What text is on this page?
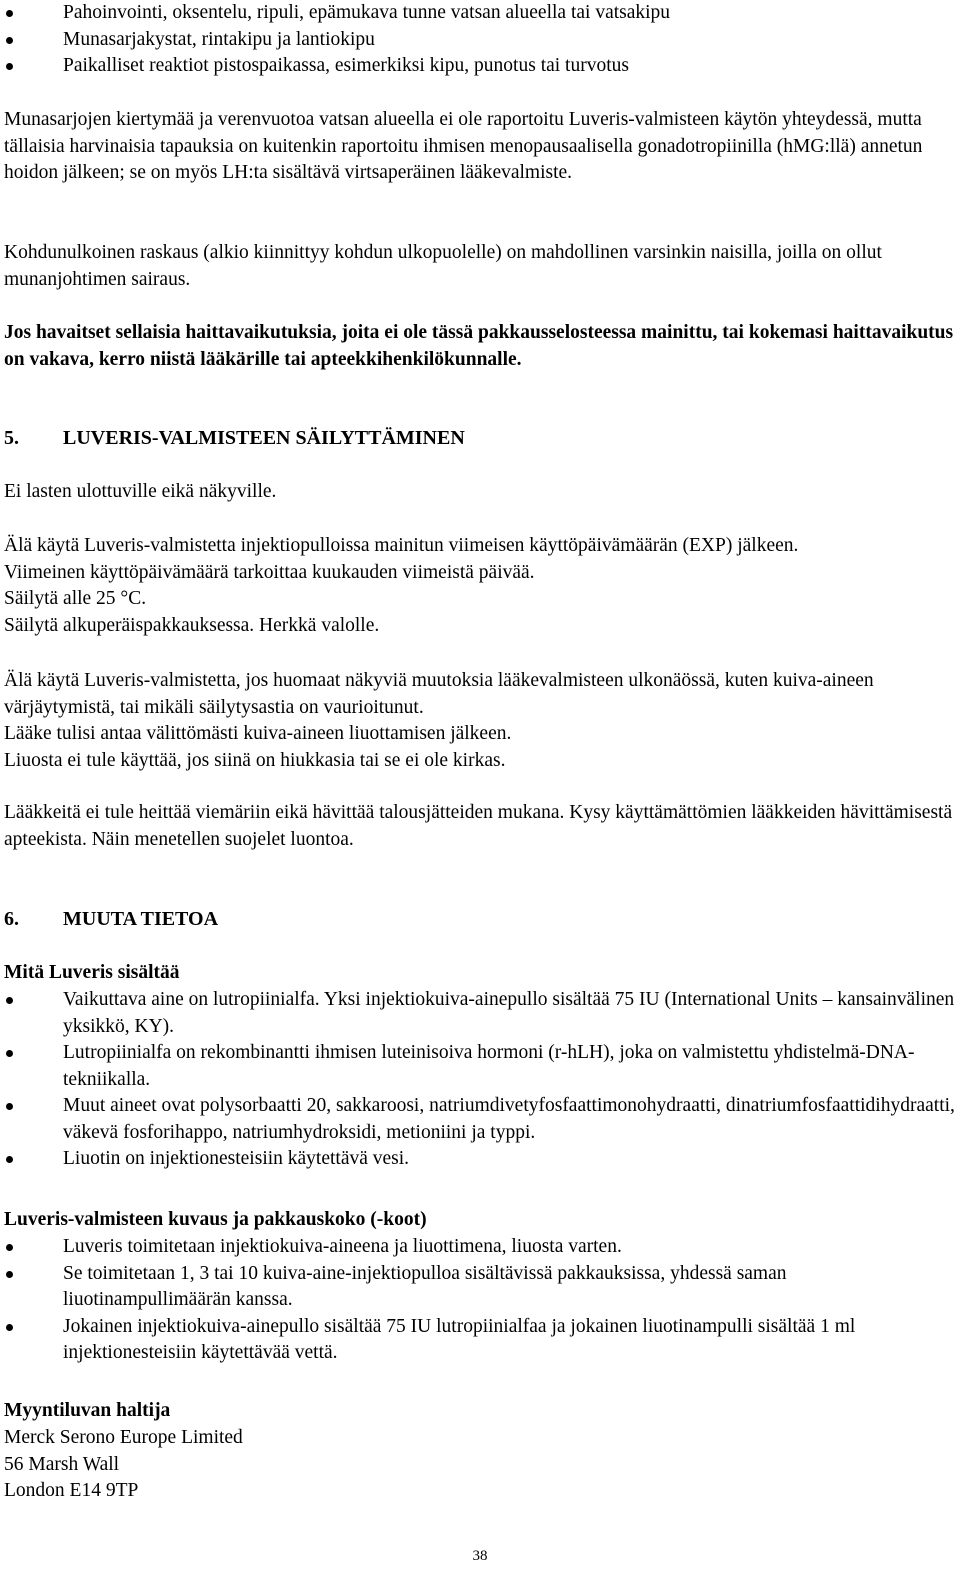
Pahoinvointi, oksentelu, ripuli, epämukava tunne vatsan alueella tai vatsakipu
Munasarjakystat, rintakipu ja lantiokipu
Paikalliset reaktiot pistospaikassa, esimerkiksi kipu, punotus tai turvotus

Munasarjojen kiertymää ja verenvuotoa vatsan alueella ei ole raportoitu Luveris-valmisteen käytön yhteydessä, mutta tällaisia harvinaisia tapauksia on kuitenkin raportoitu ihmisen menopausaalisella gonadotropiinilla (hMG:llä) annetun hoidon jälkeen; se on myös LH:ta sisältävä virtsaperäinen lääkevalmiste.

Kohdunulkoinen raskaus (alkio kiinnittyy kohdun ulkopuolelle) on mahdollinen varsinkin naisilla, joilla on ollut munanjohtimen sairaus.

Jos havaitset sellaisia haittavaikutuksia, joita ei ole tässä pakkausselosteessa mainittu, tai kokemasi haittavaikutus on vakava, kerro niistä lääkärille tai apteekkihenkilökunnalle.

5. LUVERIS-VALMISTEEN SÄILYTTÄMINEN

Ei lasten ulottuville eikä näkyville.

Älä käytä Luveris-valmistetta injektiopulloissa mainitun viimeisen käyttöpäivämäärän (EXP) jälkeen.

Viimeinen käyttöpäivämäärä tarkoittaa kuukauden viimeistä päivää.

Säilytä alle 25 °C.

Säilytä alkuperäispakkauksessa. Herkkä valolle.

Älä käytä Luveris-valmistetta, jos huomaat näkyviä muutoksia lääkevalmisteen ulkonäössä, kuten kuiva-aineen värjäytymistä, tai mikäli säilytysastia on vaurioitunut.

Lääke tulisi antaa välittömästi kuiva-aineen liuottamisen jälkeen.

Liuosta ei tule käyttää, jos siinä on hiukkasia tai se ei ole kirkas.

Lääkkeitä ei tule heittää viemäriin eikä hävittää talousjätteiden mukana. Kysy käyttämättömien lääkkeiden hävittämisestä apteekista. Näin menetellen suojelet luontoa.

6. MUUTA TIETOA

Mitä Luveris sisältää

Vaikuttava aine on lutropiinialfa. Yksi injektiokuiva-ainepullo sisältää 75 IU (International Units – kansainvälinen yksikkö, KY).
Lutropiinialfa on rekombinantti ihmisen luteinisoiva hormoni (r-hLH), joka on valmistettu yhdistelmä-DNA-tekniikalla.
Muut aineet ovat polysorbaatti 20, sakkaroosi, natriumdivetyfosfaattimonohydraatti, dinatriumfosfaattidihydraatti, väkevä fosforihappo, natriumhydroksidi, metioniini ja typpi.
Liuotin on injektionesteisiin käytettävä vesi.

Luveris-valmisteen kuvaus ja pakkauskoko (-koot)

Luveris toimitetaan injektiokuiva-aineena ja liuottimena, liuosta varten.
Se toimitetaan 1, 3 tai 10 kuiva-aine-injektiopulloa sisältävissä pakkauksissa, yhdessä saman liuotinampullimäärän kanssa.
Jokainen injektiokuiva-ainepullo sisältää 75 IU lutropiinialfaa ja jokainen liuotinampulli sisältää 1 ml injektionesteisiin käytettävää vettä.

Myyntiluvan haltija

Merck Serono Europe Limited

56 Marsh Wall

London E14 9TP

38
